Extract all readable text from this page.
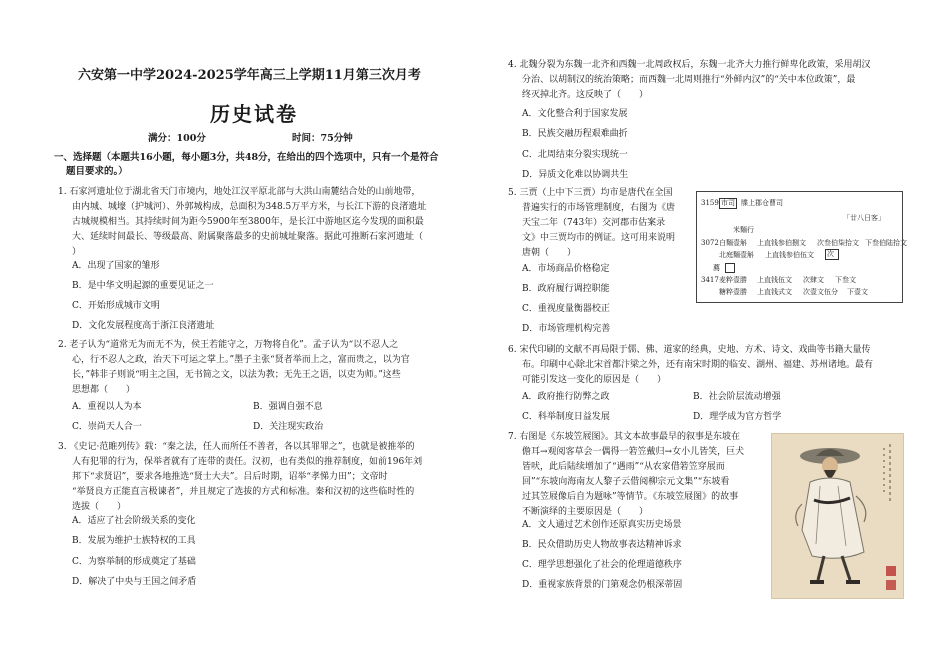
六安第一中学2024-2025学年高三上学期11月第三次月考
历史试卷
满分：100分	时间：75分钟
一、选择题（本题共16小题，每小题3分，共48分，在给出的四个选项中，只有一个是符合
题目要求的。）
1. 石家河遗址位于湖北省天门市境内，地处江汉平原北部与大洪山南麓结合处的山前地带，
由内城、城壕（护城河）、外郭城构成，总面积为348.5万平方米，与长江下游的良渚遗址
古城规模相当。其持续时间为距今5900年至3800年，是长江中游地区迄今发现的面积最
大、延续时间最长、等级最高、附属聚落最多的史前城址聚落。据此可推断石家河遗址（
）
A．出现了国家的雏形
B．是中华文明起源的重要见证之一
C．开始形成城市文明
D．文化发展程度高于浙江良渚遗址
2. 老子认为“道常无为而无不为，侯王若能守之，万物将自化”。孟子认为“以不忍人之
心，行不忍人之政，治天下可运之掌上。”墨子主张“贤者举而上之，富而贵之，以为官
长，”韩非子则说“明主之国，无书简之文，以法为教；无先王之语，以吏为师。”这些
思想都（　　）
A．重视以人为本	B．强调自强不息
C．崇尚天人合一	D．关注现实政治
3. 《史记·范睢列传》载：“秦之法，任人而所任不善者，各以其罪罪之”，也就是被推举的
人有犯罪的行为，保举者就有了连带的责任。汉初，也有类似的推荐制度，如前196年刘
邦下“求贤诏”，要求各地推选“贤士大夫”。吕后时期，诏举“孝悌力田”；文帝时
“举贤良方正能直言极谏者”，并且规定了选拔的方式和标准。秦和汉初的这些临时性的
选拔（　　）
A．适应了社会阶级关系的变化
B．发展为维护士族特权的工具
C．为察举制的形成奠定了基础
D．解决了中央与王国之间矛盾
4. 北魏分裂为东魏一北齐和西魏一北周政权后，东魏一北齐大力推行鲜卑化政策，采用胡汉
分治、以胡制汉的统治策略；而西魏一北周则推行“外鲜内汉”的“关中本位政策”，最
终灭掉北齐。这反映了（　　）
A．文化整合利于国家发展
B．民族交融历程艰难曲折
C．北周结束分裂实现统一
D．异质文化难以协调共生
5. 三贾（上中下三贾）均市是唐代在全国
普遍实行的市场管理制度，右图为《唐
天宝二年（743年）交河郡市估案录
文》中三贾均市的例证。这可用来说明
唐朝（　　）
A．市场商品价格稳定
B．政府履行调控职能
C．重视度量衡器校正
D．市场管理机构完善
3159 市司 牒上郡仓曹司
「廿八日客」
米麵行
3072 白麵壹斛 上直钱参伯捌文 次叁伯柒拾文 下叁伯陆拾文
北庭麵壹斛 上直钱参伯伍文 次
薦
3417 麦粹壹勝 上直钱伍文 次肆文 下叁文
糖粹壹勝 上直钱式文 次壹文伍分 下壹文
6. 宋代印刷的文献不再局限于儒、佛、道家的经典，史地、方术、诗文、戏曲等书籍大量传
布。印刷中心除北宋首都汴梁之外，还有南宋时期的临安、湖州、福建、苏州诸地。最有
可能引发这一变化的原因是（　　）
A．政府推行防弊之政	B．社会阶层流动增强
C．科举制度日益发展	D．理学成为官方哲学
7. 右图是《东坡笠屐图》。其文本故事最早的叙事是东坡在
儋耳→观阅客草会一偶得一箬笠戴归→女小儿皆笑，巨犬
皆吠，此后陆续增加了“遇雨”“从农家借箬笠穿展而
回”“东坡向海南友人黎子云借阅柳宗元文集”“东坡看
过其笠屐像后自为题咏”等情节。《东坡笠屐图》的故事
不断演绎的主要原因是（　　）
A．文人通过艺术创作还原真实历史场景
B．民众借助历史人物故事表达精神诉求
C．理学思想强化了社会的伦理道德秩序
D．重视家族背景的门第观念仍根深蒂固
